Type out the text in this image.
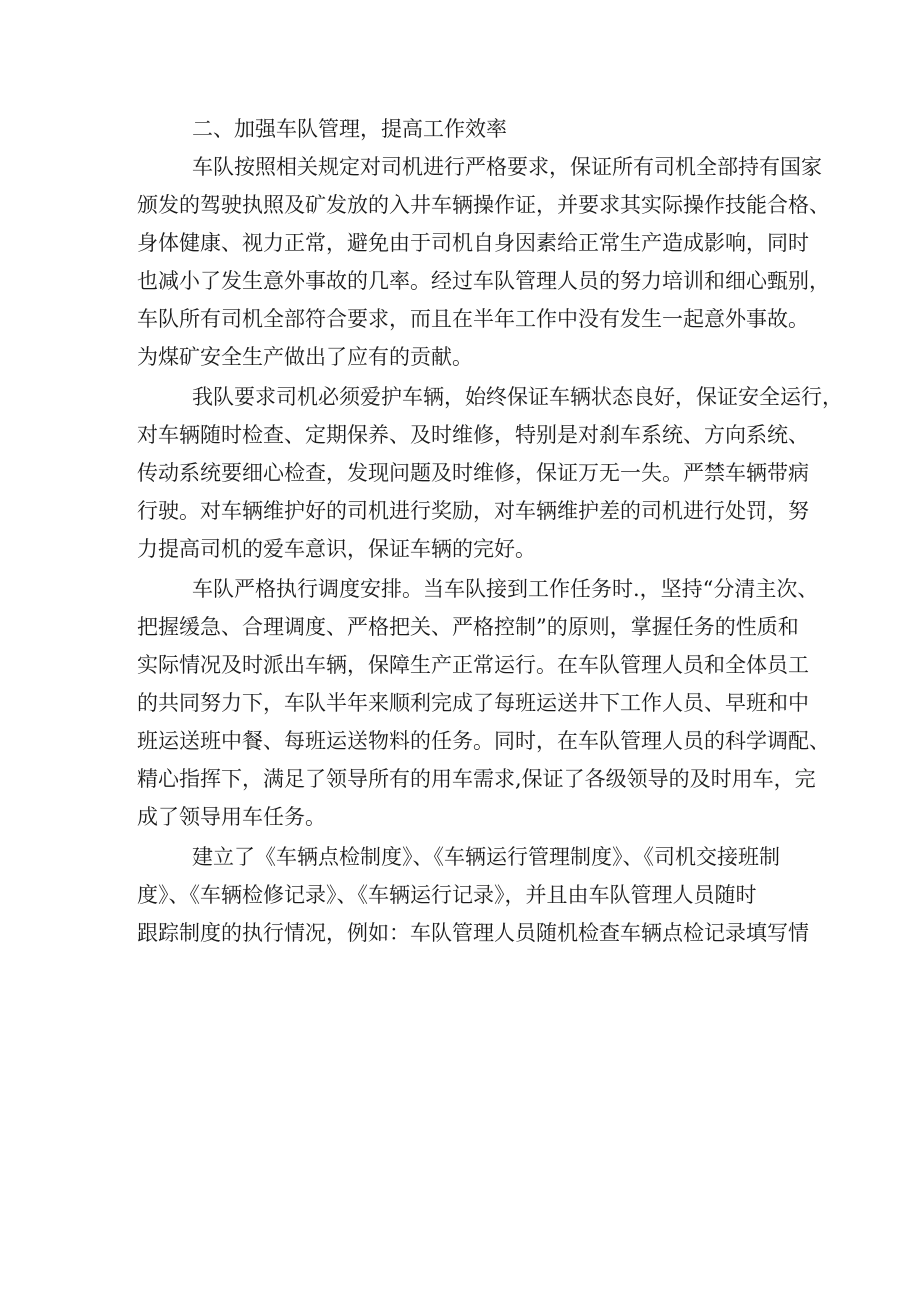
二、加强车队管理，提高工作效率
车队按照相关规定对司机进行严格要求，保证所有司机全部持有国家
颁发的驾驶执照及矿发放的入井车辆操作证，并要求其实际操作技能合格、
身体健康、视力正常，避免由于司机自身因素给正常生产造成影响，同时
也减小了发生意外事故的几率。经过车队管理人员的努力培训和细心甄别，
车队所有司机全部符合要求，而且在半年工作中没有发生一起意外事故。
为煤矿安全生产做出了应有的贡献。
我队要求司机必须爱护车辆，始终保证车辆状态良好，保证安全运行，
对车辆随时检查、定期保养、及时维修，特别是对刹车系统、方向系统、
传动系统要细心检查，发现问题及时维修，保证万无一失。严禁车辆带病
行驶。对车辆维护好的司机进行奖励，对车辆维护差的司机进行处罚，努
力提高司机的爱车意识，保证车辆的完好。
车队严格执行调度安排。当车队接到工作任务时.，坚持“分清主次、
把握缓急、合理调度、严格把关、严格控制”的原则，掌握任务的性质和
实际情况及时派出车辆，保障生产正常运行。在车队管理人员和全体员工
的共同努力下，车队半年来顺利完成了每班运送井下工作人员、早班和中
班运送班中餐、每班运送物料的任务。同时，在车队管理人员的科学调配、
精心指挥下，满足了领导所有的用车需求,保证了各级领导的及时用车，完
成了领导用车任务。
建立了《车辆点检制度》、《车辆运行管理制度》、《司机交接班制
度》、《车辆检修记录》、《车辆运行记录》，并且由车队管理人员随时
跟踪制度的执行情况，例如：车队管理人员随机检查车辆点检记录填写情
